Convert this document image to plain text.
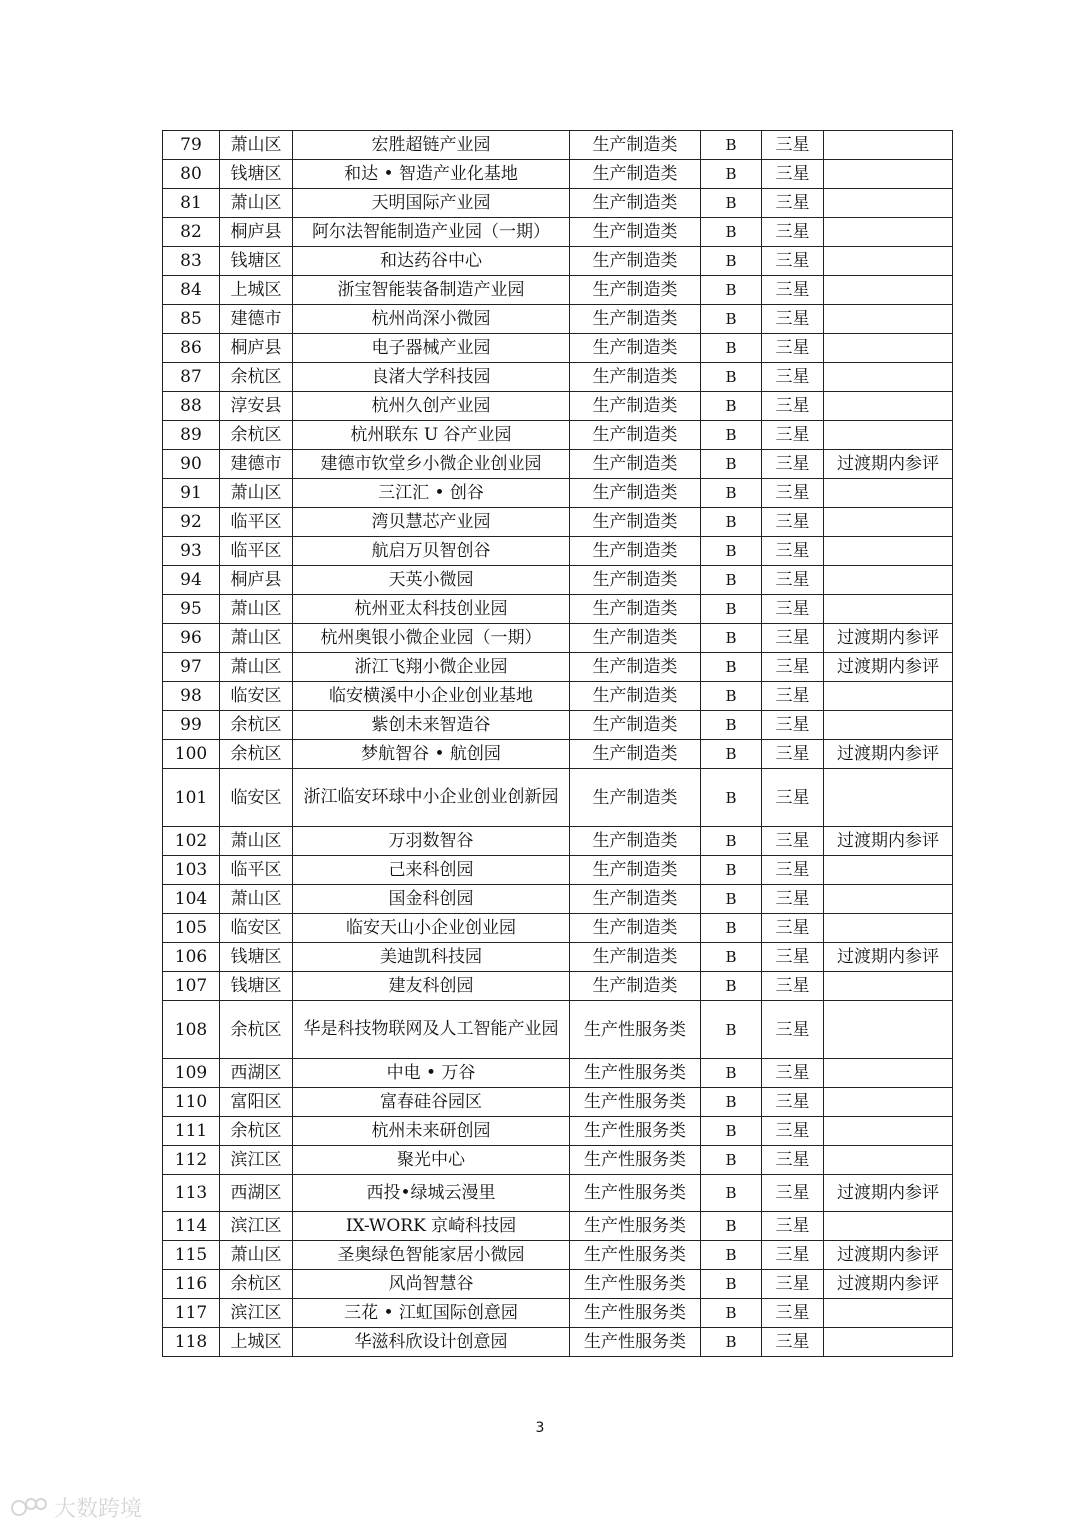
79	萧山区	宏胜超链产业园	生产制造类	B	三星	
80	钱塘区	和达 • 智造产业化基地	生产制造类	B	三星	
81	萧山区	天明国际产业园	生产制造类	B	三星	
82	桐庐县	阿尔法智能制造产业园（一期）	生产制造类	B	三星	
83	钱塘区	和达药谷中心	生产制造类	B	三星	
84	上城区	浙宝智能装备制造产业园	生产制造类	B	三星	
85	建德市	杭州尚深小微园	生产制造类	B	三星	
86	桐庐县	电子器械产业园	生产制造类	B	三星	
87	余杭区	良渚大学科技园	生产制造类	B	三星	
88	淳安县	杭州久创产业园	生产制造类	B	三星	
89	余杭区	杭州联东 U 谷产业园	生产制造类	B	三星	
90	建德市	建德市钦堂乡小微企业创业园	生产制造类	B	三星	过渡期内参评
91	萧山区	三江汇 • 创谷	生产制造类	B	三星	
92	临平区	湾贝慧芯产业园	生产制造类	B	三星	
93	临平区	航启万贝智创谷	生产制造类	B	三星	
94	桐庐县	天英小微园	生产制造类	B	三星	
95	萧山区	杭州亚太科技创业园	生产制造类	B	三星	
96	萧山区	杭州奥银小微企业园（一期）	生产制造类	B	三星	过渡期内参评
97	萧山区	浙江飞翔小微企业园	生产制造类	B	三星	过渡期内参评
98	临安区	临安横溪中小企业创业基地	生产制造类	B	三星	
99	余杭区	紫创未来智造谷	生产制造类	B	三星	
100	余杭区	梦航智谷 • 航创园	生产制造类	B	三星	过渡期内参评
101	临安区	浙江临安环球中小企业创业创新园	生产制造类	B	三星	
102	萧山区	万羽数智谷	生产制造类	B	三星	过渡期内参评
103	临平区	己来科创园	生产制造类	B	三星	
104	萧山区	国金科创园	生产制造类	B	三星	
105	临安区	临安天山小企业创业园	生产制造类	B	三星	
106	钱塘区	美迪凯科技园	生产制造类	B	三星	过渡期内参评
107	钱塘区	建友科创园	生产制造类	B	三星	
108	余杭区	华是科技物联网及人工智能产业园	生产性服务类	B	三星	
109	西湖区	中电 • 万谷	生产性服务类	B	三星	
110	富阳区	富春硅谷园区	生产性服务类	B	三星	
111	余杭区	杭州未来研创园	生产性服务类	B	三星	
112	滨江区	聚光中心	生产性服务类	B	三星	
113	西湖区	西投•绿城云漫里	生产性服务类	B	三星	过渡期内参评
114	滨江区	IX-WORK 京崎科技园	生产性服务类	B	三星	
115	萧山区	圣奥绿色智能家居小微园	生产性服务类	B	三星	过渡期内参评
116	余杭区	风尚智慧谷	生产性服务类	B	三星	过渡期内参评
117	滨江区	三花 • 江虹国际创意园	生产性服务类	B	三星	
118	上城区	华滋科欣设计创意园	生产性服务类	B	三星	
3
大数跨境
